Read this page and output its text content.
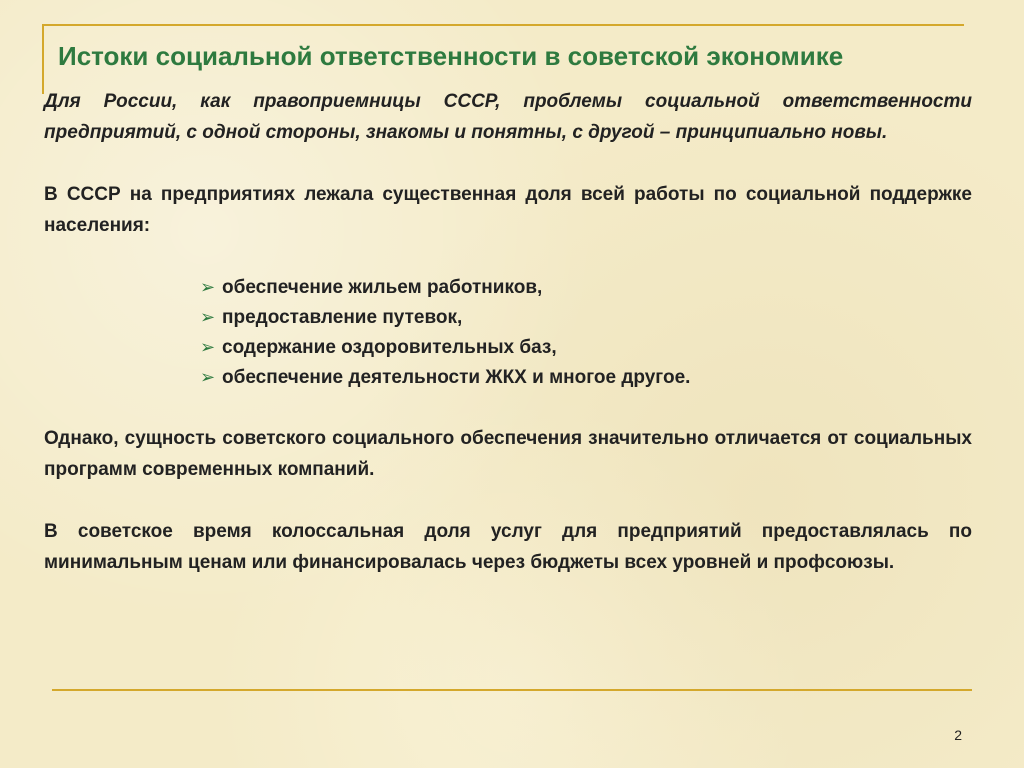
Истоки социальной ответственности в советской экономике

Для России, как правоприемницы СССР, проблемы социальной ответственности предприятий, с одной стороны, знакомы и понятны, с другой – принципиально новы.

В СССР на предприятиях лежала существенная доля всей работы по социальной поддержке населения:

➢ обеспечение жильем работников,
➢ предоставление путевок,
➢ содержание оздоровительных баз,
➢ обеспечение деятельности ЖКХ и многое другое.

Однако, сущность советского социального обеспечения значительно отличается от социальных программ современных компаний.

В советское время колоссальная доля услуг для предприятий предоставлялась по минимальным ценам или финансировалась через бюджеты всех уровней и профсоюзы.

2
